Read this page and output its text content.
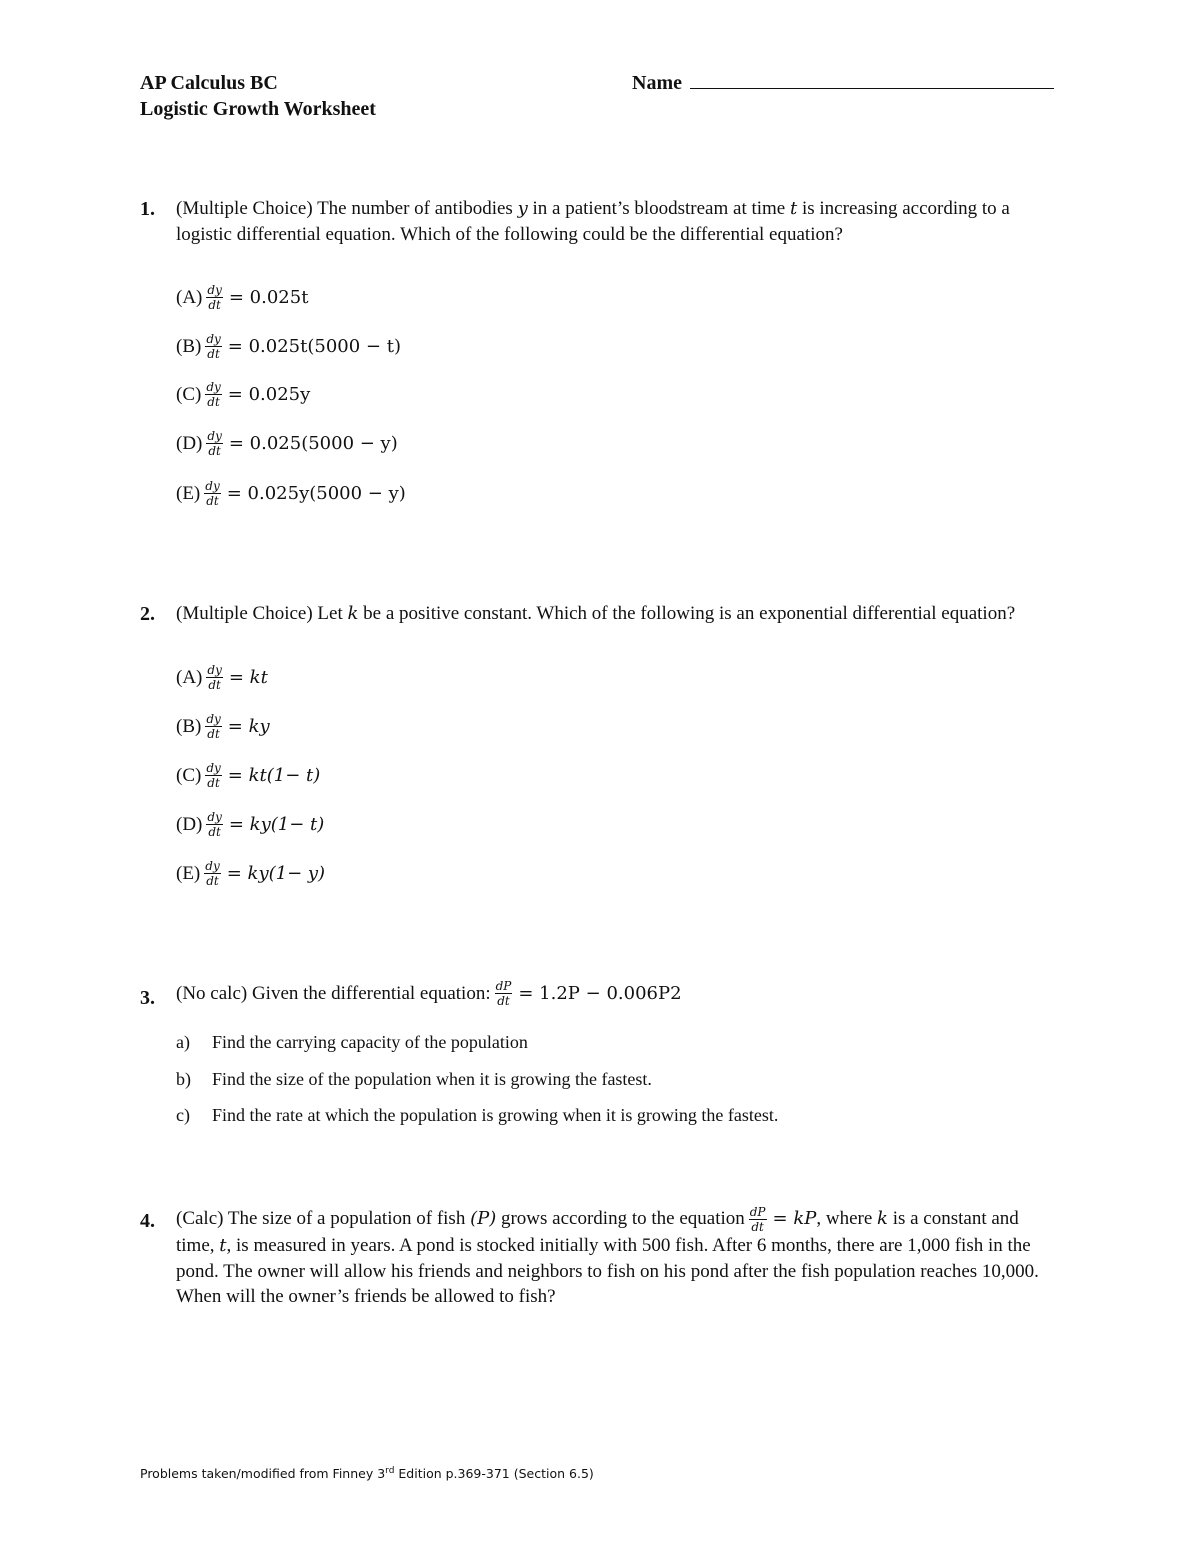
AP Calculus BC
Logistic Growth Worksheet
Name
1. (Multiple Choice) The number of antibodies y in a patient’s bloodstream at time t is increasing according to a logistic differential equation. Which of the following could be the differential equation?
$(A) \frac{dy}{dt} = 0.025t$
$(B) \frac{dy}{dt} = 0.025t(5000 - t)$
$(C) \frac{dy}{dt} = 0.025y$
$(D) \frac{dy}{dt} = 0.025(5000 - y)$
$(E) \frac{dy}{dt} = 0.025y(5000 - y)$
2. (Multiple Choice) Let k be a positive constant. Which of the following is an exponential differential equation?
$(A) \frac{dy}{dt}$ = kt
$(B) \frac{dy}{dt}$ = ky
$(C) \frac{dy}{dt} = kt(1- t)$
$(D) \frac{dy}{dt} = ky(1- t)$
$(E) \frac{dy}{dt} = ky(1- y)$
3. (No calc) Given the differential equation: $\frac{dP}{dt} = 1.2P - 0.006P$ 2
a)	Find the carrying capacity of the population
b)	Find the size of the population when it is growing the fastest.
c)	Find the rate at which the population is growing when it is growing the fastest.
4. (Calc) The size of a population of fish (P) grows according to the equation $\frac{dP}{dt}$ = kP, where k is a constant and time, t, is measured in years. A pond is stocked initially with 500 fish. After 6 months, there are 1,000 fish in the pond. The owner will allow his friends and neighbors to fish on his pond after the fish population reaches 10,000. When will the owner’s friends be allowed to fish?
Problems taken/modified from Finney 3rd Edition p.369-371 (Section 6.5)
